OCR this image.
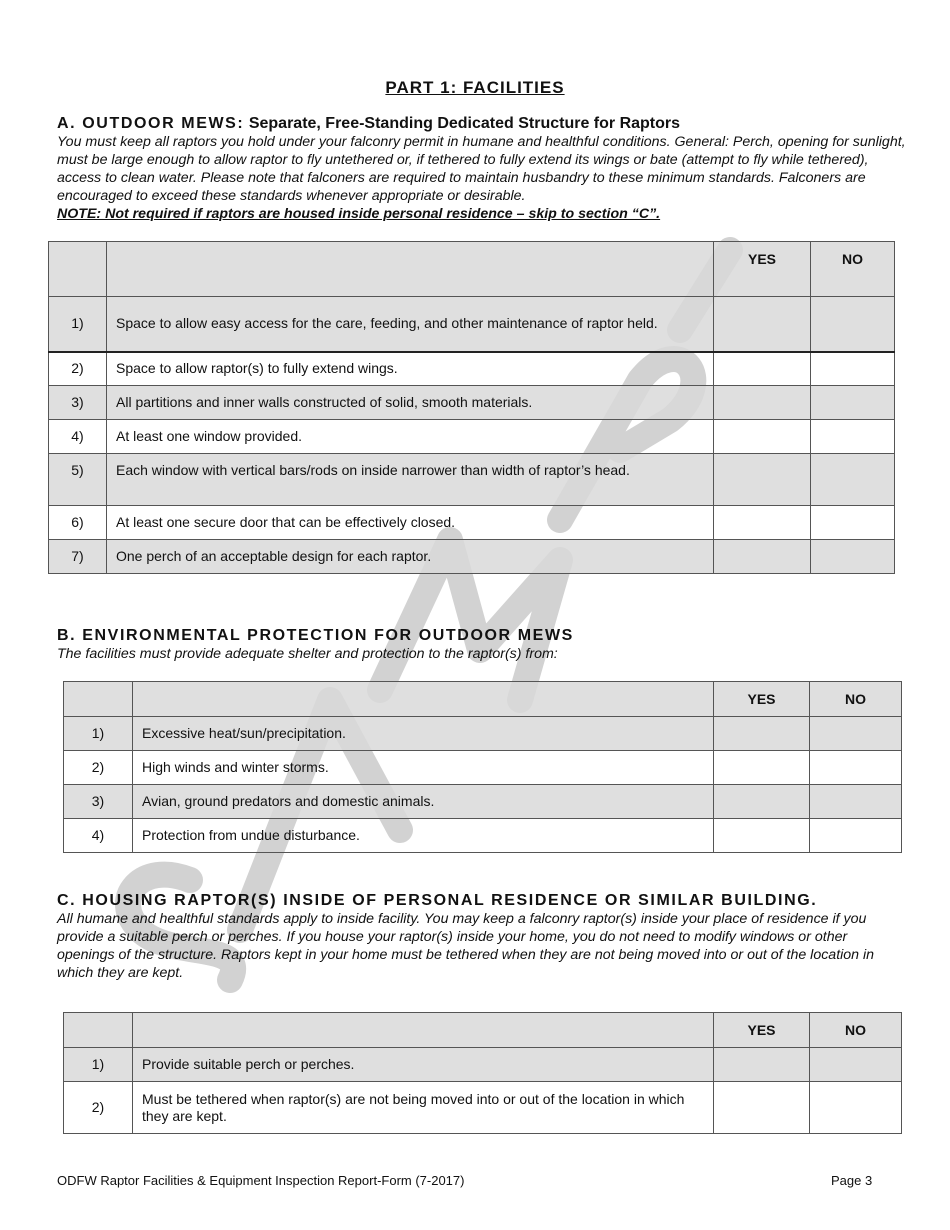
PART 1: FACILITIES
A. OUTDOOR MEWS: Separate, Free-Standing Dedicated Structure for Raptors
You must keep all raptors you hold under your falconry permit in humane and healthful conditions. General: Perch, opening for sunlight, must be large enough to allow raptor to fly untethered or, if tethered to fully extend its wings or bate (attempt to fly while tethered), access to clean water. Please note that falconers are required to maintain husbandry to these minimum standards. Falconers are encouraged to exceed these standards whenever appropriate or desirable.
NOTE: Not required if raptors are housed inside personal residence – skip to section “C”.
		YES	NO
1)	Space to allow easy access for the care, feeding, and other maintenance of raptor held.		
2)	Space to allow raptor(s) to fully extend wings.		
3)	All partitions and inner walls constructed of solid, smooth materials.		
4)	At least one window provided.		
5)	Each window with vertical bars/rods on inside narrower than width of raptor’s head.		
6)	At least one secure door that can be effectively closed.		
7)	One perch of an acceptable design for each raptor.		
B. ENVIRONMENTAL PROTECTION FOR OUTDOOR MEWS
The facilities must provide adequate shelter and protection to the raptor(s) from:
		YES	NO
1)	Excessive heat/sun/precipitation.		
2)	High winds and winter storms.		
3)	Avian, ground predators and domestic animals.		
4)	Protection from undue disturbance.		
C. HOUSING RAPTOR(S) INSIDE OF PERSONAL RESIDENCE OR SIMILAR BUILDING.
All humane and healthful standards apply to inside facility. You may keep a falconry raptor(s) inside your place of residence if you provide a suitable perch or perches. If you house your raptor(s) inside your home, you do not need to modify windows or other openings of the structure. Raptors kept in your home must be tethered when they are not being moved into or out of the location in which they are kept.
		YES	NO
1)	Provide suitable perch or perches.		
2)	Must be tethered when raptor(s) are not being moved into or out of the location in which they are kept.		
ODFW Raptor Facilities & Equipment Inspection Report-Form (7-2017)	Page 3
